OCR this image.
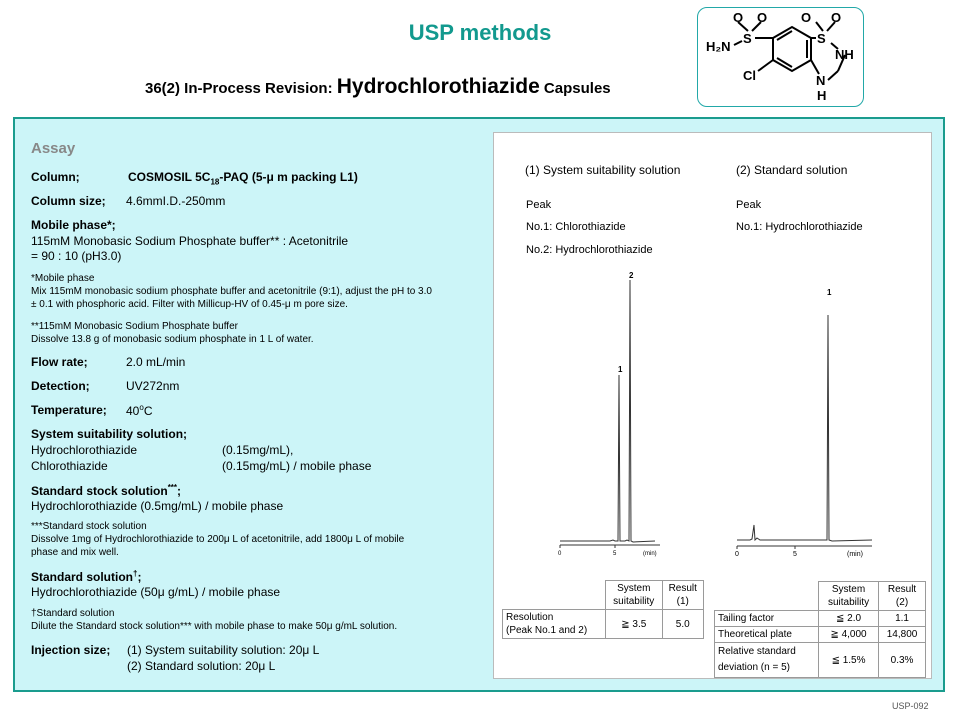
USP methods
36(2) In-Process Revision: Hydrochlorothiazide Capsules
O O
S
H₂N
Cl
O O
S
NH
N
H
Assay
Column;	COSMOSIL $5C_{18}$-PAQ (5-μ m packing L1)
Column size; 4.6mmI.D.-250mm
Mobile phase*;
115mM Monobasic Sodium Phosphate buffer** : Acetonitrile
= 90 : 10 (pH3.0)
*Mobile phase
Mix 115mM monobasic sodium phosphate buffer and acetonitrile (9:1), adjust the pH to 3.0
± 0.1 with phosphoric acid. Filter with Millicup-HV of 0.45-μ m pore size.
**115mM Monobasic Sodium Phosphate buffer
Dissolve 13.8 g of monobasic sodium phosphate in 1 L of water.
Flow rate;	2.0 mL/min
Detection;	UV272nm
Temperature; 40$^o$C
System suitability solution;
Hydrochlorothiazide	(0.15mg/mL),
Chlorothiazide	(0.15mg/mL) / mobile phase
Standard stock solution***;
Hydrochlorothiazide (0.5mg/mL) / mobile phase
***Standard stock solution
Dissolve 1mg of Hydrochlorothiazide to 200μ L of acetonitrile, add 1800μ L of mobile
phase and mix well.
Standard solution†;
Hydrochlorothiazide (50μ g/mL) / mobile phase
†Standard solution
Dilute the Standard stock solution*** with mobile phase to make 50μ g/mL solution.
Injection size; (1) System suitability solution: 20μ L
(2) Standard solution: 20μ L
(1) System suitability solution
Peak
No.1: Chlorothiazide
No.2: Hydrochlorothiazide
(2) Standard solution
Peak
No.1: Hydrochlorothiazide
1
2
0	5	(min)
1
0	5	(min)
	System
suitability	Result
(1)
Resolution
(Peak No.1 and 2)	≧ 3.5	5.0
	System
suitability	Result
(2)
Tailing factor	≦ 2.0	1.1
Theoretical plate	≧ 4,000	14,800
Relative standard
deviation (n = 5)	≦ 1.5%	0.3%
USP-092
